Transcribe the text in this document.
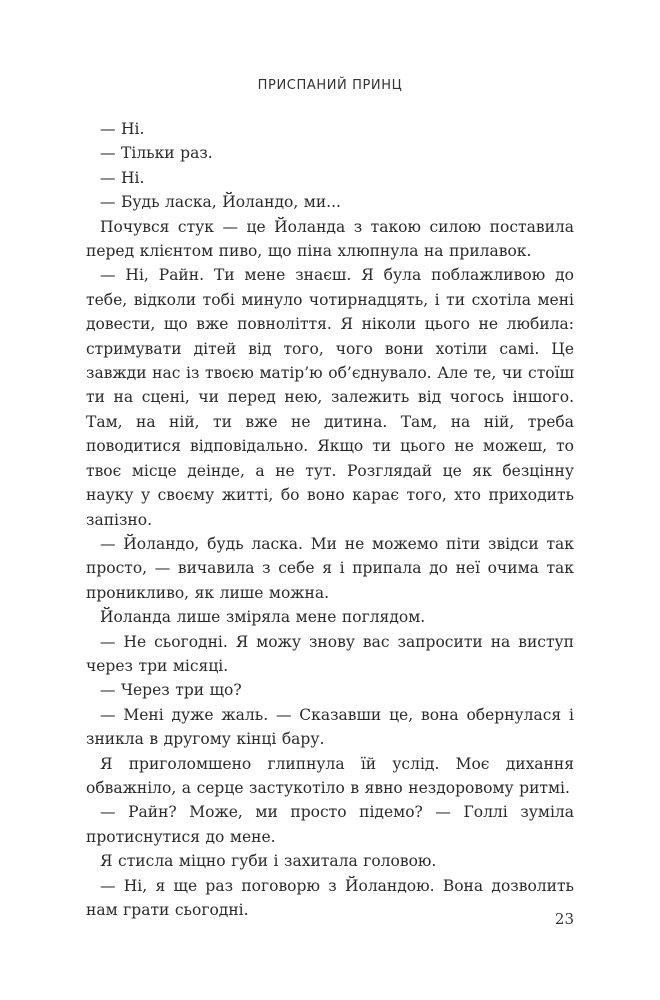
ПРИСПАНИЙ ПРИНЦ

— Ні.

— Тільки раз.

— Ні.

— Будь ласка, Йоландо, ми...

Почувся стук — це Йоланда з такою силою поставила перед клієнтом пиво, що піна хлюпнула на прилавок.

— Ні, Райн. Ти мене знаєш. Я була поблажливою до тебе, відколи тобі минуло чотирнадцять, і ти схотіла мені довести, що вже повноліття. Я ніколи цього не любила: стримувати дітей від того, чого вони хотіли самі. Це завжди нас із твоєю матір’ю об’єднувало. Але те, чи стоїш ти на сцені, чи перед нею, залежить від чогось іншого. Там, на ній, ти вже не дитина. Там, на ній, треба поводитися відповідально. Якщо ти цього не можеш, то твоє місце деінде, а не тут. Розглядай це як безцінну науку у своєму житті, бо воно карає того, хто приходить запізно.

— Йоландо, будь ласка. Ми не можемо піти звідси так просто, — вичавила з себе я і припала до неї очима так проникливо, як лише можна.

Йоланда лише зміряла мене поглядом.

— Не сьогодні. Я можу знову вас запросити на виступ через три місяці.

— Через три що?

— Мені дуже жаль. — Сказавши це, вона обернулася і зникла в другому кінці бару.

Я приголомшено глипнула їй услід. Моє дихання обважніло, а серце застукотіло в явно нездоровому ритмі.

— Райн? Може, ми просто підемо? — Голлі зуміла протиснутися до мене.

Я стисла міцно губи і захитала головою.

— Ні, я ще раз поговорю з Йоландою. Вона дозволить нам грати сьогодні.	23
